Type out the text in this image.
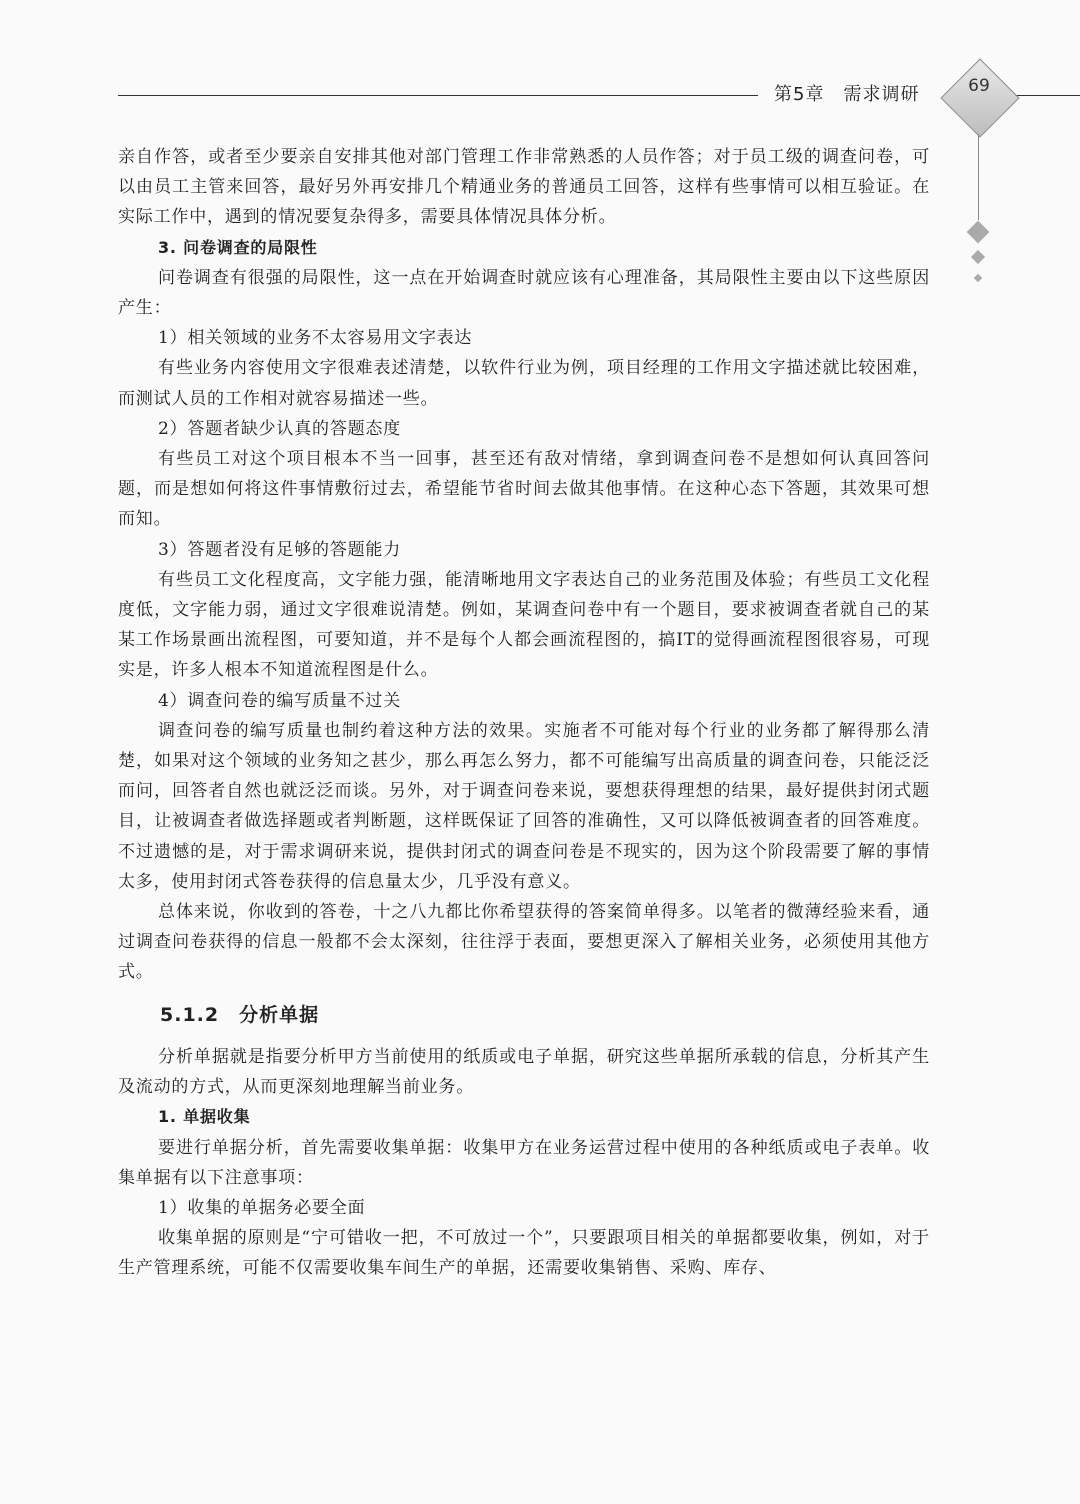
第5章　需求调研	69

亲自作答，或者至少要亲自安排其他对部门管理工作非常熟悉的人员作答；对于员工级的调查问卷，可以由员工主管来回答，最好另外再安排几个精通业务的普通员工回答，这样有些事情可以相互验证。在实际工作中，遇到的情况要复杂得多，需要具体情况具体分析。

3. 问卷调查的局限性

问卷调查有很强的局限性，这一点在开始调查时就应该有心理准备，其局限性主要由以下这些原因产生：

1）相关领域的业务不太容易用文字表达

有些业务内容使用文字很难表述清楚，以软件行业为例，项目经理的工作用文字描述就比较困难，而测试人员的工作相对就容易描述一些。

2）答题者缺少认真的答题态度

有些员工对这个项目根本不当一回事，甚至还有敌对情绪，拿到调查问卷不是想如何认真回答问题，而是想如何将这件事情敷衍过去，希望能节省时间去做其他事情。在这种心态下答题，其效果可想而知。

3）答题者没有足够的答题能力

有些员工文化程度高，文字能力强，能清晰地用文字表达自己的业务范围及体验；有些员工文化程度低，文字能力弱，通过文字很难说清楚。例如，某调查问卷中有一个题目，要求被调查者就自己的某某工作场景画出流程图，可要知道，并不是每个人都会画流程图的，搞IT的觉得画流程图很容易，可现实是，许多人根本不知道流程图是什么。

4）调查问卷的编写质量不过关

调查问卷的编写质量也制约着这种方法的效果。实施者不可能对每个行业的业务都了解得那么清楚，如果对这个领域的业务知之甚少，那么再怎么努力，都不可能编写出高质量的调查问卷，只能泛泛而问，回答者自然也就泛泛而谈。另外，对于调查问卷来说，要想获得理想的结果，最好提供封闭式题目，让被调查者做选择题或者判断题，这样既保证了回答的准确性，又可以降低被调查者的回答难度。不过遗憾的是，对于需求调研来说，提供封闭式的调查问卷是不现实的，因为这个阶段需要了解的事情太多，使用封闭式答卷获得的信息量太少，几乎没有意义。

总体来说，你收到的答卷，十之八九都比你希望获得的答案简单得多。以笔者的微薄经验来看，通过调查问卷获得的信息一般都不会太深刻，往往浮于表面，要想更深入了解相关业务，必须使用其他方式。

5.1.2　分析单据

分析单据就是指要分析甲方当前使用的纸质或电子单据，研究这些单据所承载的信息，分析其产生及流动的方式，从而更深刻地理解当前业务。

1. 单据收集

要进行单据分析，首先需要收集单据：收集甲方在业务运营过程中使用的各种纸质或电子表单。收集单据有以下注意事项：

1）收集的单据务必要全面

收集单据的原则是“宁可错收一把，不可放过一个”，只要跟项目相关的单据都要收集，例如，对于生产管理系统，可能不仅需要收集车间生产的单据，还需要收集销售、采购、库存、
